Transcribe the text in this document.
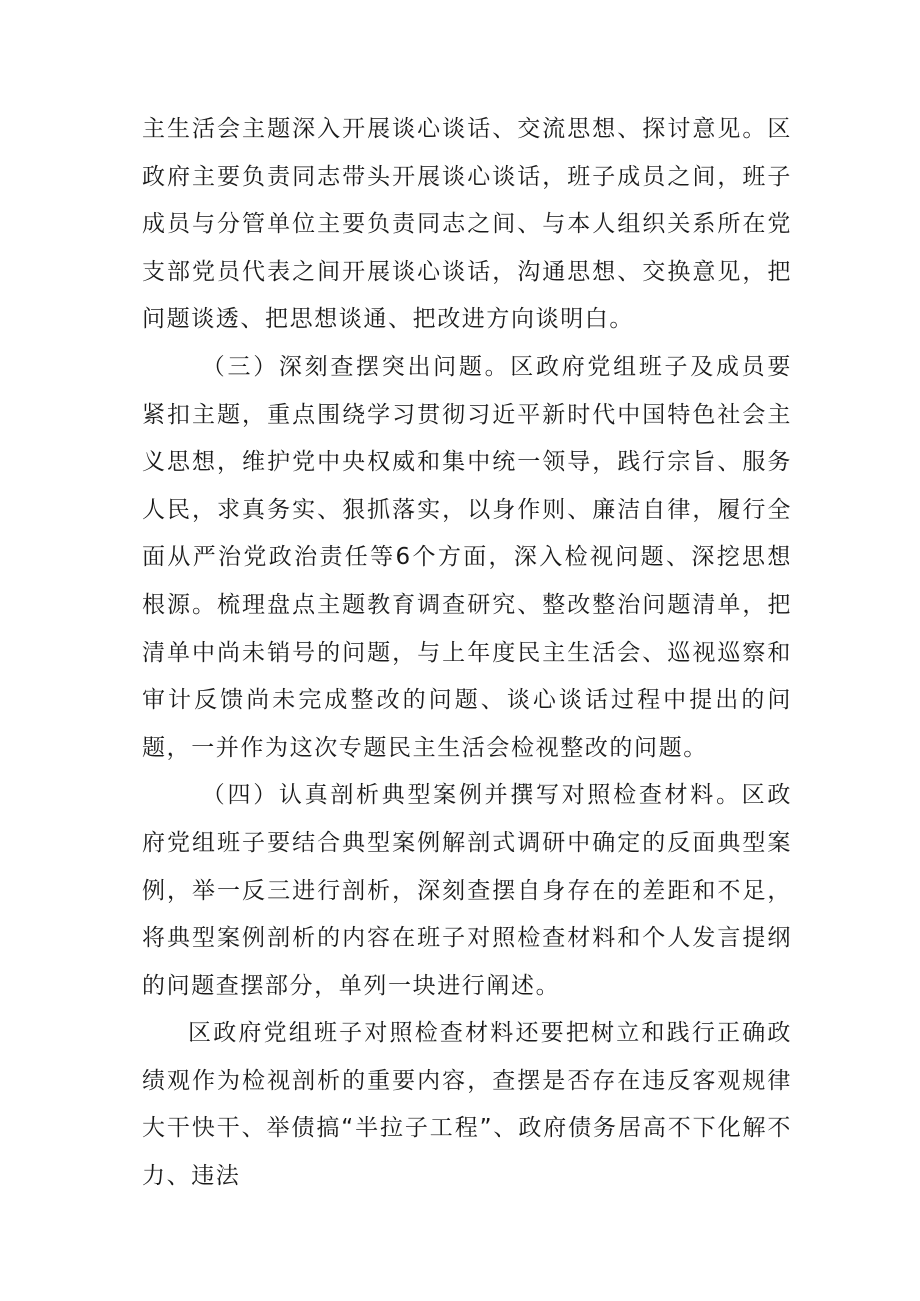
主生活会主题深入开展谈心谈话、交流思想、探讨意见。区政府主要负责同志带头开展谈心谈话，班子成员之间，班子成员与分管单位主要负责同志之间、与本人组织关系所在党支部党员代表之间开展谈心谈话，沟通思想、交换意见，把问题谈透、把思想谈通、把改进方向谈明白。

（三）深刻查摆突出问题。区政府党组班子及成员要紧扣主题，重点围绕学习贯彻习近平新时代中国特色社会主义思想，维护党中央权威和集中统一领导，践行宗旨、服务人民，求真务实、狠抓落实，以身作则、廉洁自律，履行全面从严治党政治责任等6个方面，深入检视问题、深挖思想根源。梳理盘点主题教育调查研究、整改整治问题清单，把清单中尚未销号的问题，与上年度民主生活会、巡视巡察和审计反馈尚未完成整改的问题、谈心谈话过程中提出的问题，一并作为这次专题民主生活会检视整改的问题。

（四）认真剖析典型案例并撰写对照检查材料。区政府党组班子要结合典型案例解剖式调研中确定的反面典型案例，举一反三进行剖析，深刻查摆自身存在的差距和不足，将典型案例剖析的内容在班子对照检查材料和个人发言提纲的问题查摆部分，单列一块进行阐述。

区政府党组班子对照检查材料还要把树立和践行正确政绩观作为检视剖析的重要内容，查摆是否存在违反客观规律大干快干、举债搞“半拉子工程”、政府债务居高不下化解不力、违法
